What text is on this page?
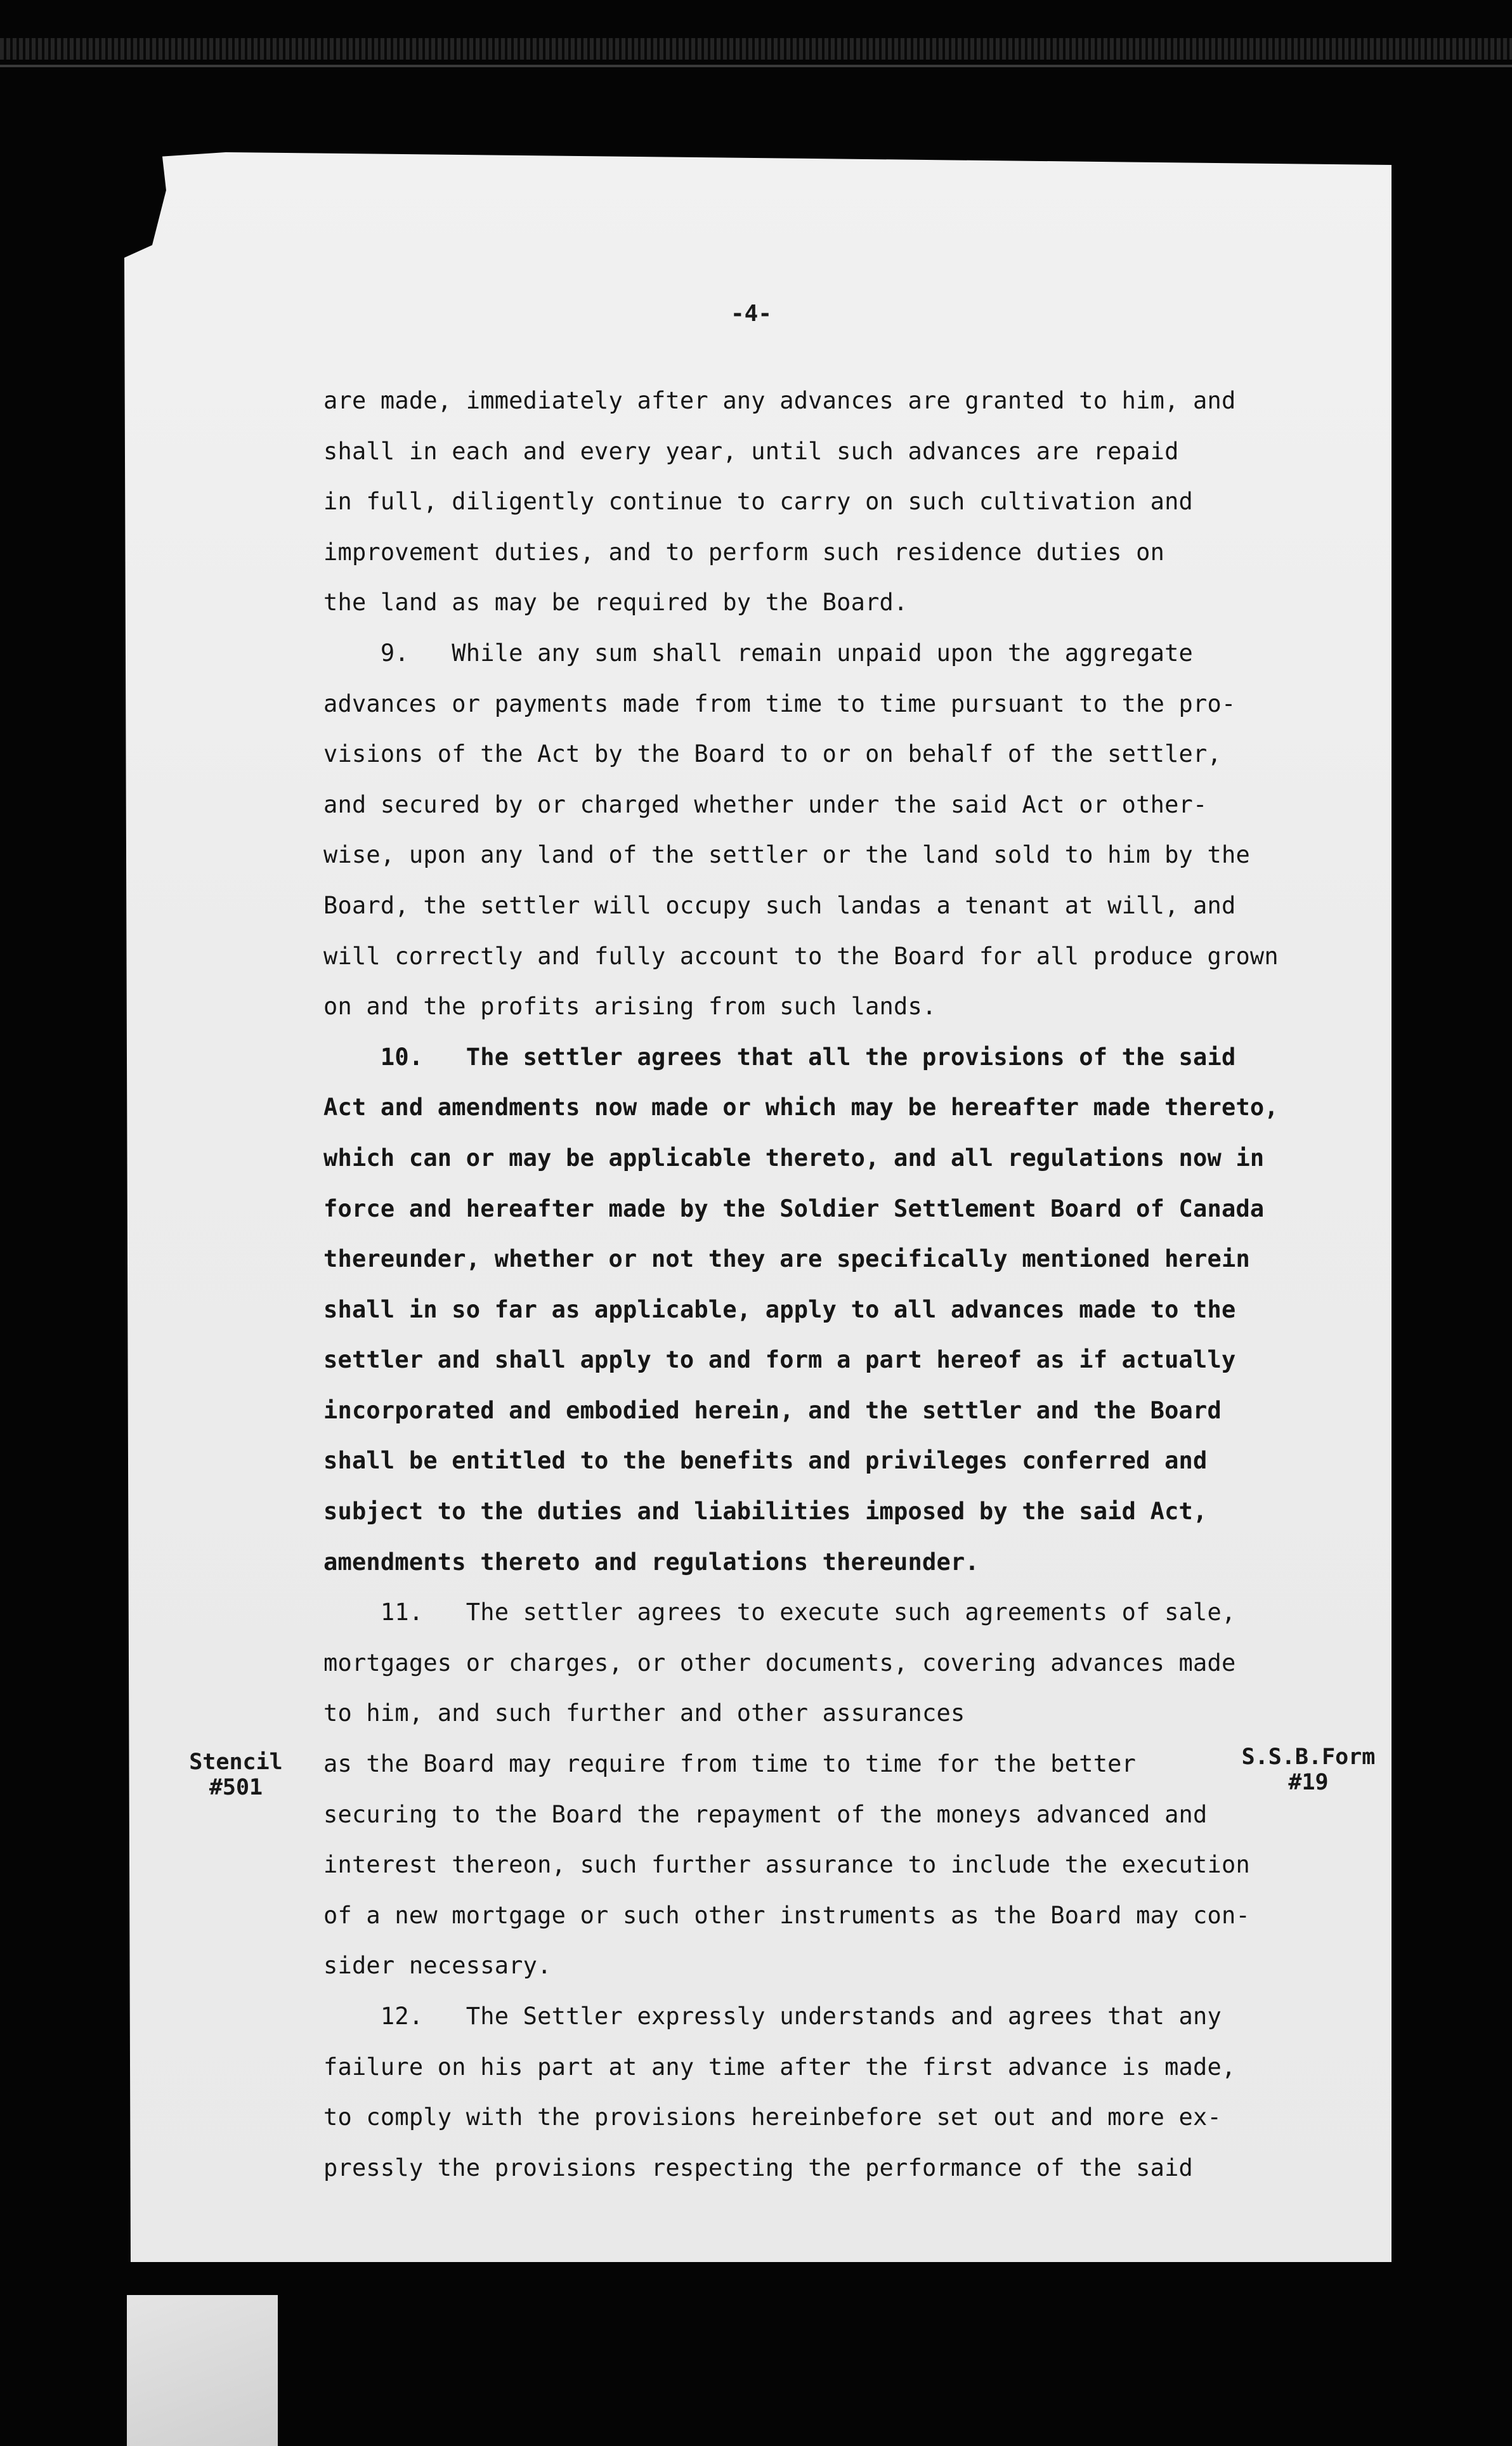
-4-
are made, immediately after any advances are granted to him, and
shall in each and every year, until such advances are repaid
in full, diligently continue to carry on such cultivation and
improvement duties, and to perform such residence duties on
the land as may be required by the Board.
9.   While any sum shall remain unpaid upon the aggregate
advances or payments made from time to time pursuant to the pro-
visions of the Act by the Board to or on behalf of the settler,
and secured by or charged whether under the said Act or other-
wise, upon any land of the settler or the land sold to him by the
Board, the settler will occupy such landas a tenant at will, and
will correctly and fully account to the Board for all produce grown
on and the profits arising from such lands.
10.   The settler agrees that all the provisions of the said
Act and amendments now made or which may be hereafter made thereto,
which can or may be applicable thereto, and all regulations now in
force and hereafter made by the Soldier Settlement Board of Canada
thereunder, whether or not they are specifically mentioned herein
shall in so far as applicable, apply to all advances made to the
settler and shall apply to and form a part hereof as if actually
incorporated and embodied herein, and the settler and the Board
shall be entitled to the benefits and privileges conferred and
subject to the duties and liabilities imposed by the said Act,
amendments thereto and regulations thereunder.
11.   The settler agrees to execute such agreements of sale,
mortgages or charges, or other documents, covering advances made
to him, and such further and other assurances
as the Board may require from time to time for the better
securing to the Board the repayment of the moneys advanced and
interest thereon, such further assurance to include the execution
of a new mortgage or such other instruments as the Board may con-
sider necessary.
12.   The Settler expressly understands and agrees that any
failure on his part at any time after the first advance is made,
to comply with the provisions hereinbefore set out and more ex-
pressly the provisions respecting the performance of the said
Stencil
#501
S.S.B.Form
#19
